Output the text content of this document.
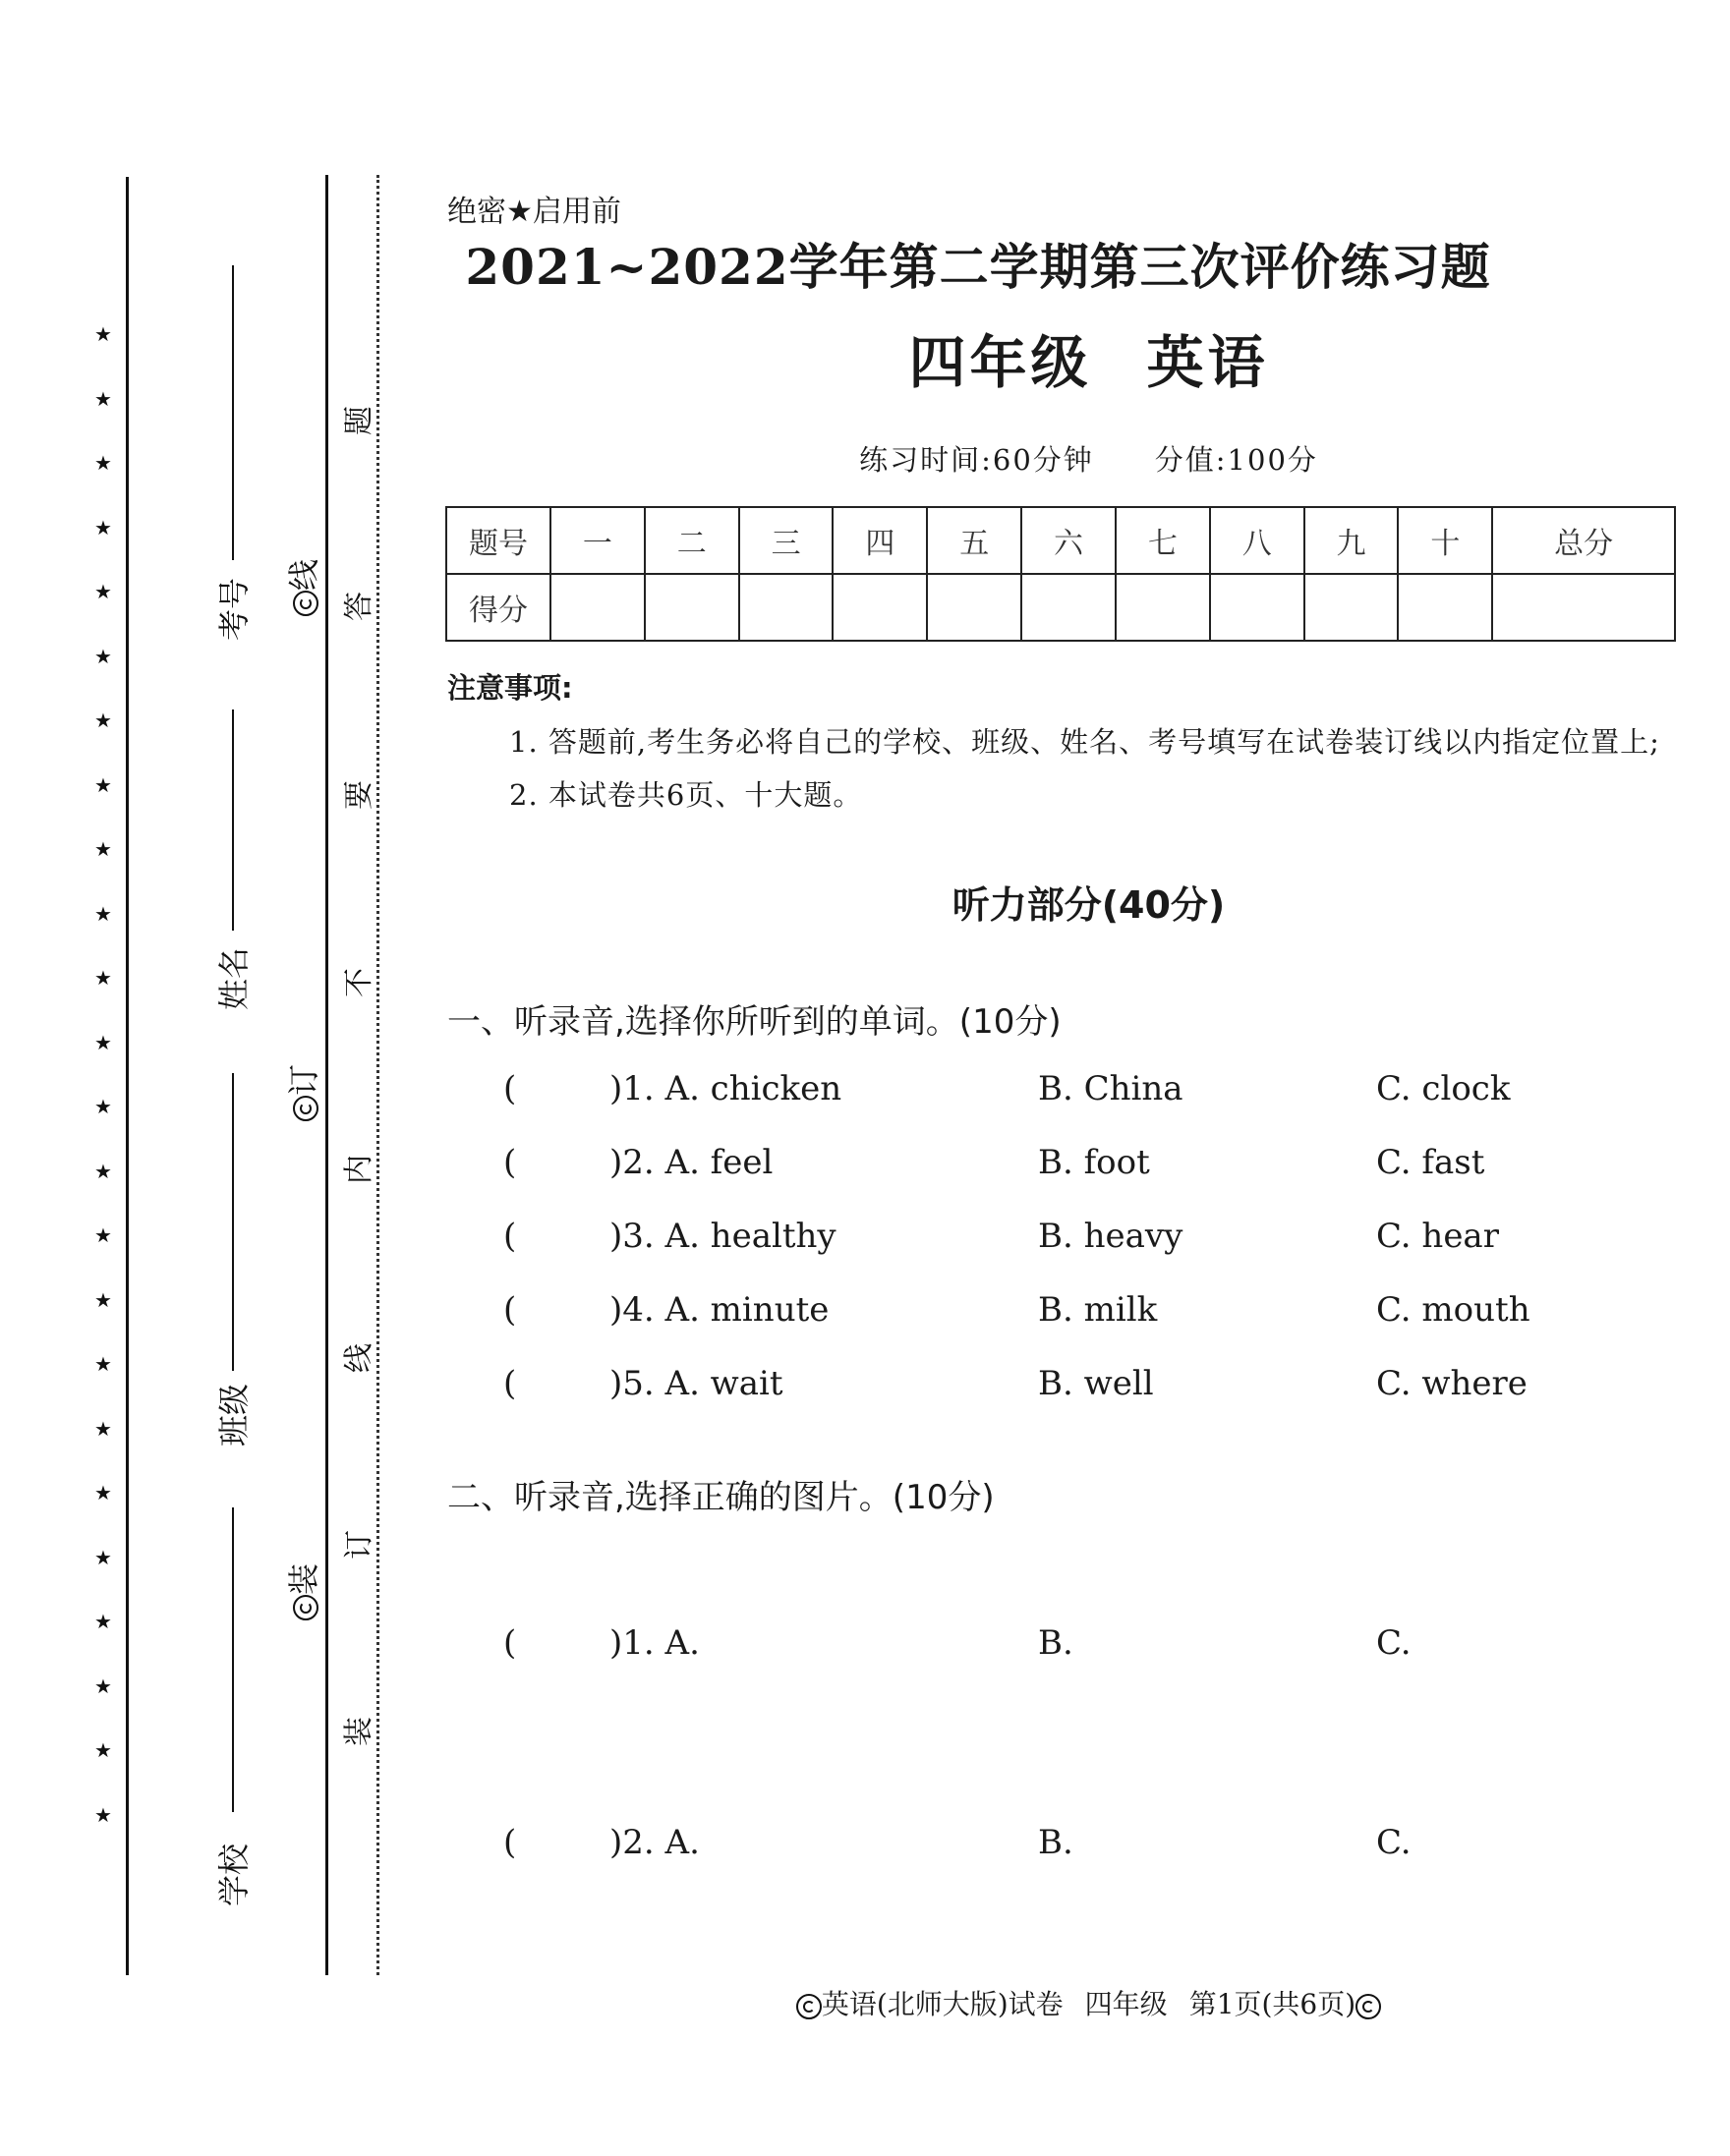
★
★
★
★
★
★
★
★
★
★
★
★
★
★
★
★
★
★
★
★
★
★
★
★
考号
姓名
班级
学校
线
订
装
题
答
要
不
内
线
订
装
绝密★启用前
2021~2022学年第二学期第三次评价练习题
四年级 英语
练习时间:60分钟 分值:100分
题号	一	二	三	四	五	六	七	八	九	十	总分
得分											
注意事项:
1. 答题前,考生务必将自己的学校、班级、姓名、考号填写在试卷装订线以内指定位置上;
2. 本试卷共6页、十大题。
听力部分(40分)
一、听录音,选择你所听到的单词。(10分)
(	)1. A. chicken	B. China	C. clock
(	)2. A. feel	B. foot	C. fast
(	)3. A. healthy	B. heavy	C. hear
(	)4. A. minute	B. milk	C. mouth
(	)5. A. wait	B. well	C. where
二、听录音,选择正确的图片。(10分)
(	)1. A.	B.	C.
(	)2. A.	B.	C.
英语(北师大版)试卷 四年级 第1页(共6页)
